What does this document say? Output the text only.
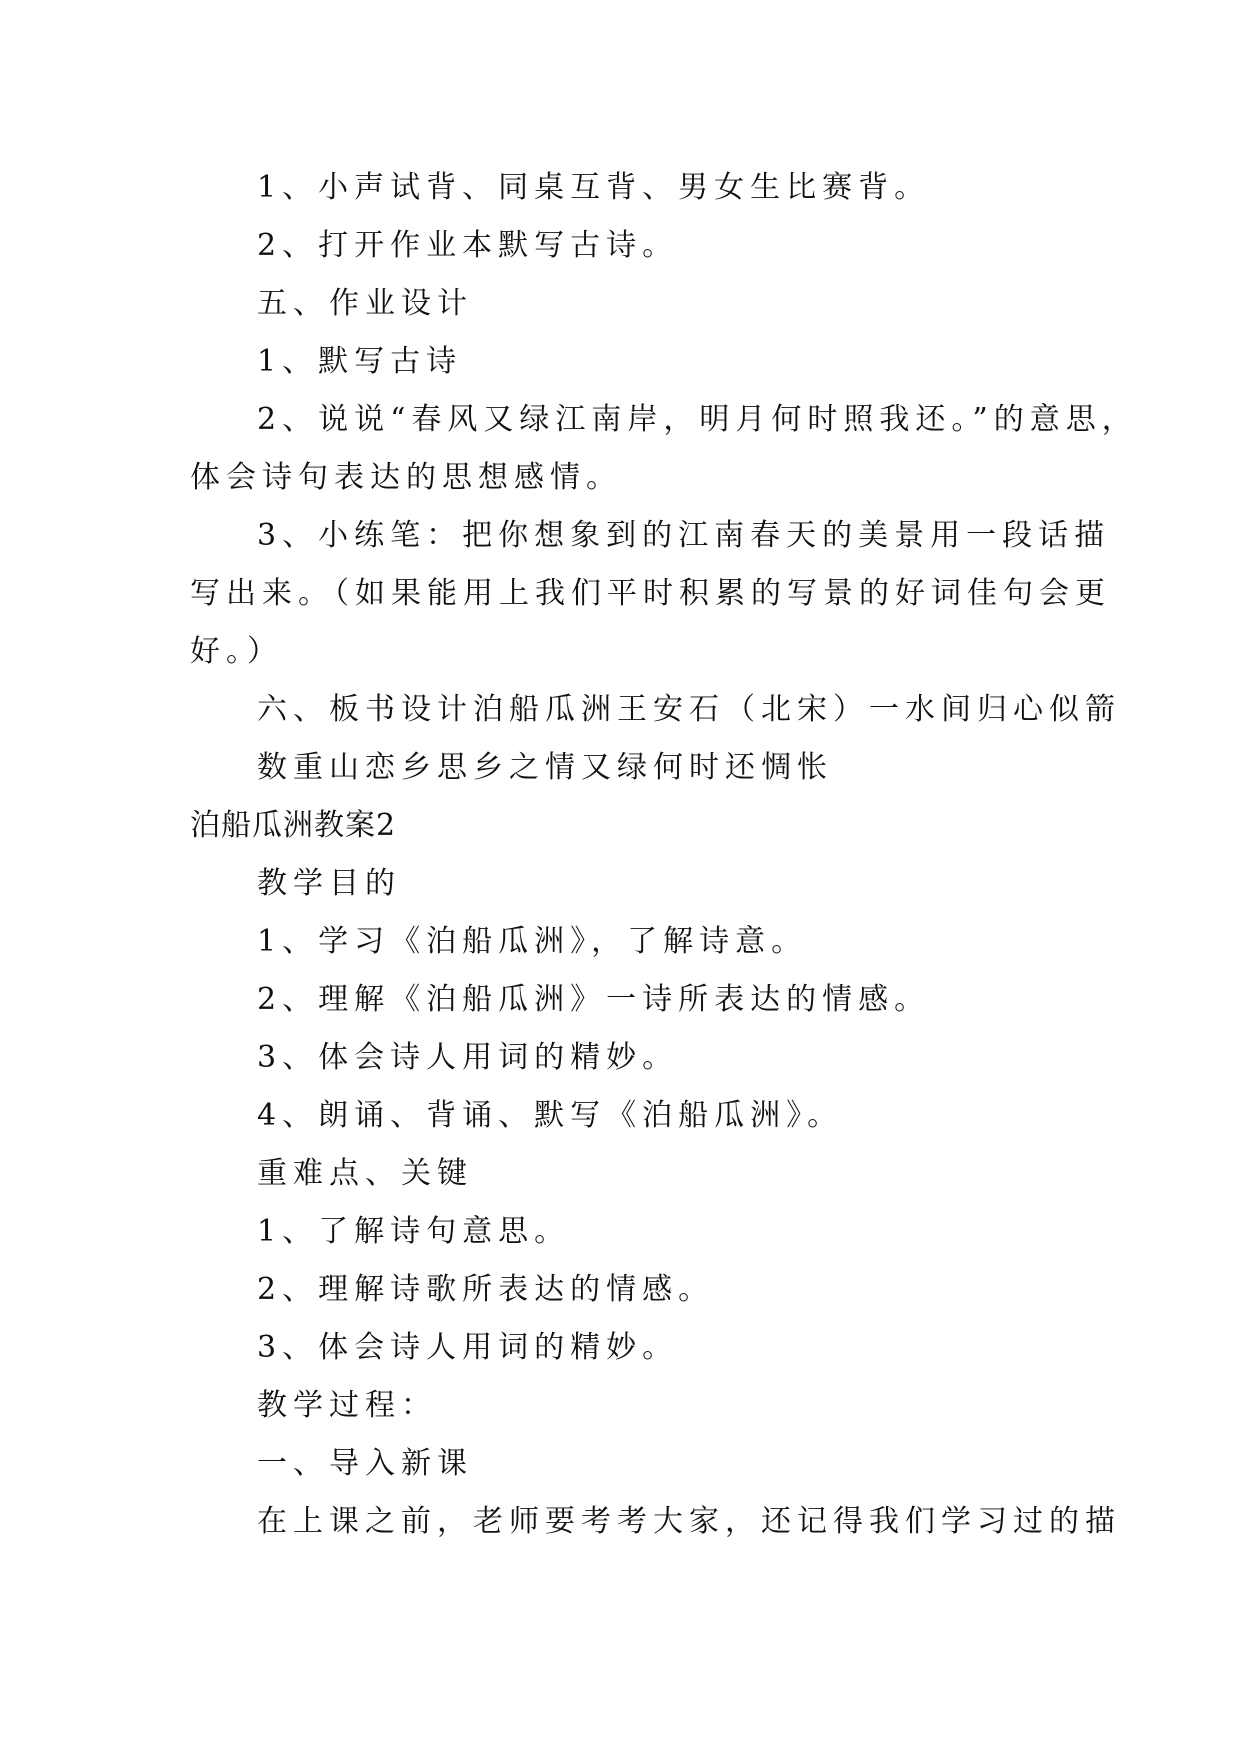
1、小声试背、同桌互背、男女生比赛背。
2、打开作业本默写古诗。
五、作业设计
1、默写古诗
2、说说“春风又绿江南岸，明月何时照我还。”的意思，
体会诗句表达的思想感情。
3、小练笔：把你想象到的江南春天的美景用一段话描
写出来。（如果能用上我们平时积累的写景的好词佳句会更
好。）
六、板书设计泊船瓜洲王安石（北宋）一水间归心似箭
数重山恋乡思乡之情又绿何时还惆怅
泊船瓜洲教案2
教学目的
1、学习《泊船瓜洲》，了解诗意。
2、理解《泊船瓜洲》一诗所表达的情感。
3、体会诗人用词的精妙。
4、朗诵、背诵、默写《泊船瓜洲》。
重难点、关键
1、了解诗句意思。
2、理解诗歌所表达的情感。
3、体会诗人用词的精妙。
教学过程：
一、导入新课
在上课之前，老师要考考大家，还记得我们学习过的描
